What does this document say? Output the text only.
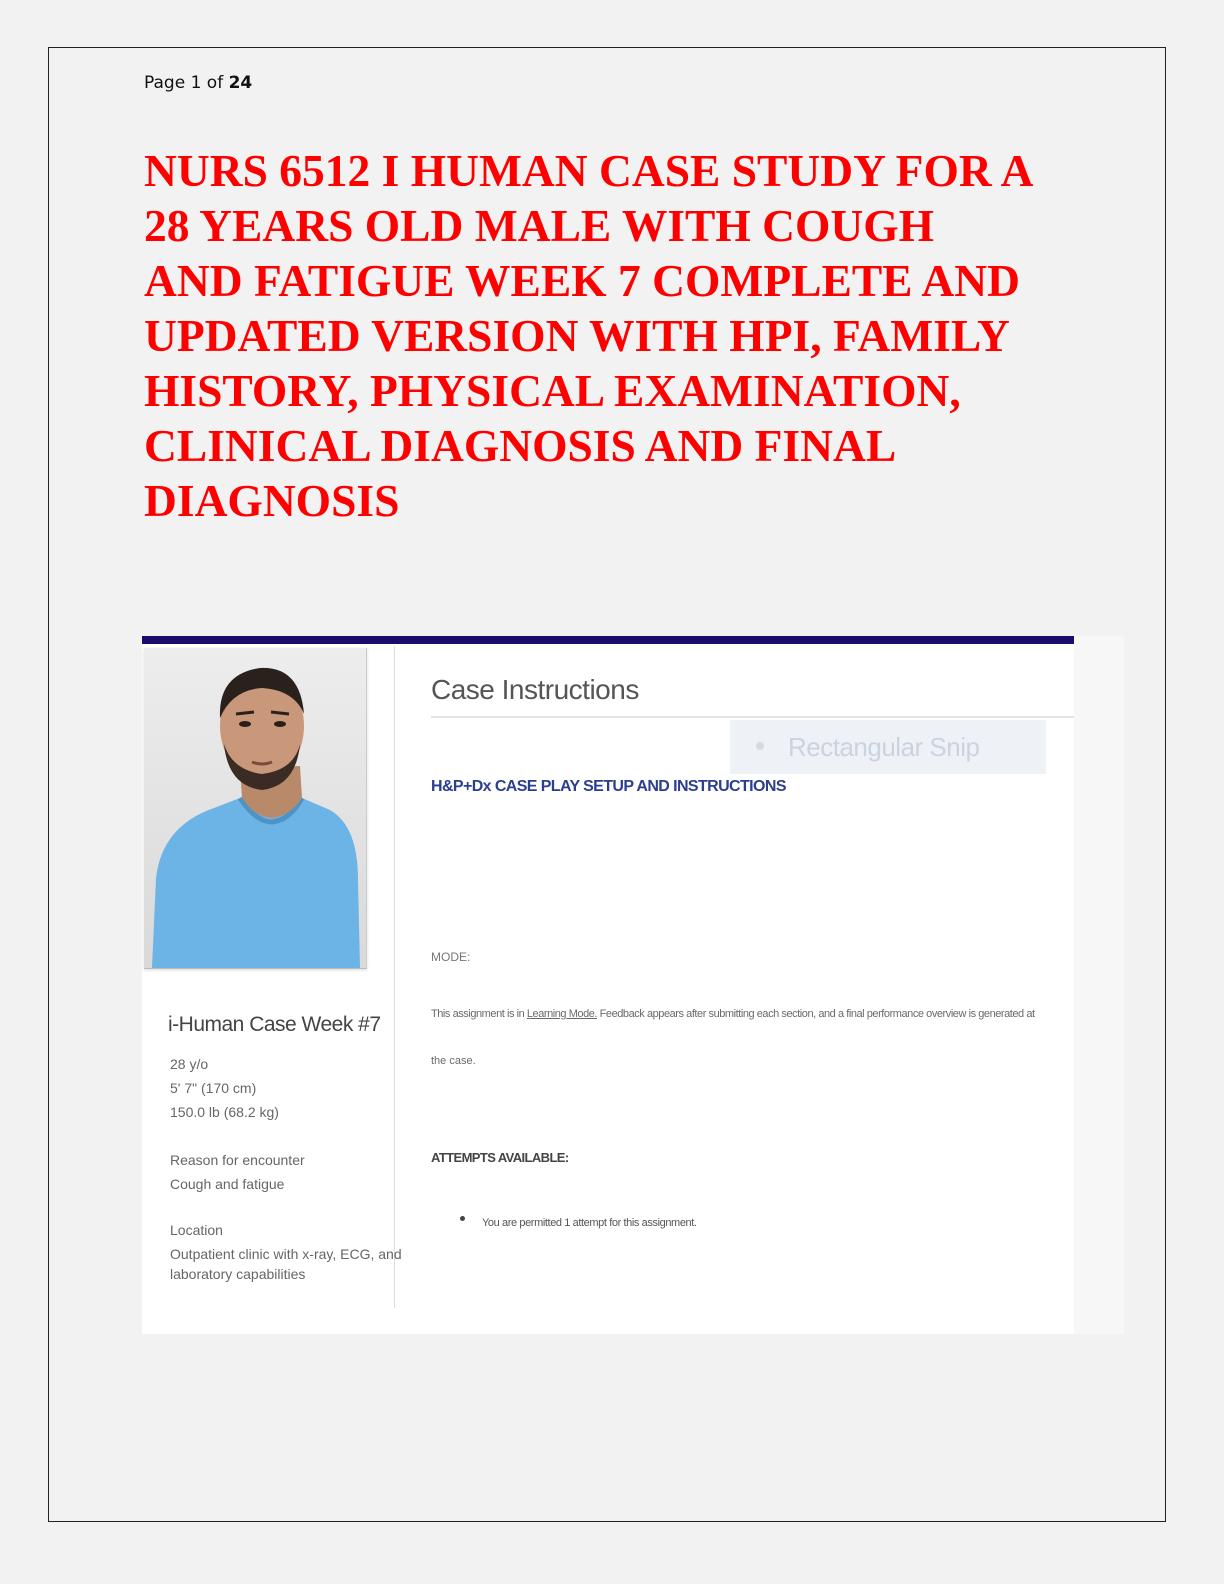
Page 1 of 24
NURS 6512 I HUMAN CASE STUDY FOR A
28 YEARS OLD MALE WITH COUGH
AND FATIGUE WEEK 7 COMPLETE AND
UPDATED VERSION WITH HPI, FAMILY
HISTORY, PHYSICAL EXAMINATION,
CLINICAL DIAGNOSIS AND FINAL
DIAGNOSIS
i-Human Case Week #7
28 y/o
5' 7" (170 cm)
150.0 lb (68.2 kg)
Reason for encounter
Cough and fatigue
Location
Outpatient clinic with x-ray, ECG, and
laboratory capabilities
Case Instructions
Rectangular Snip
H&P+Dx CASE PLAY SETUP AND INSTRUCTIONS
MODE:
This assignment is in Learning Mode. Feedback appears after submitting each section, and a final performance overview is generated at
the case.
ATTEMPTS AVAILABLE:
You are permitted 1 attempt for this assignment.
